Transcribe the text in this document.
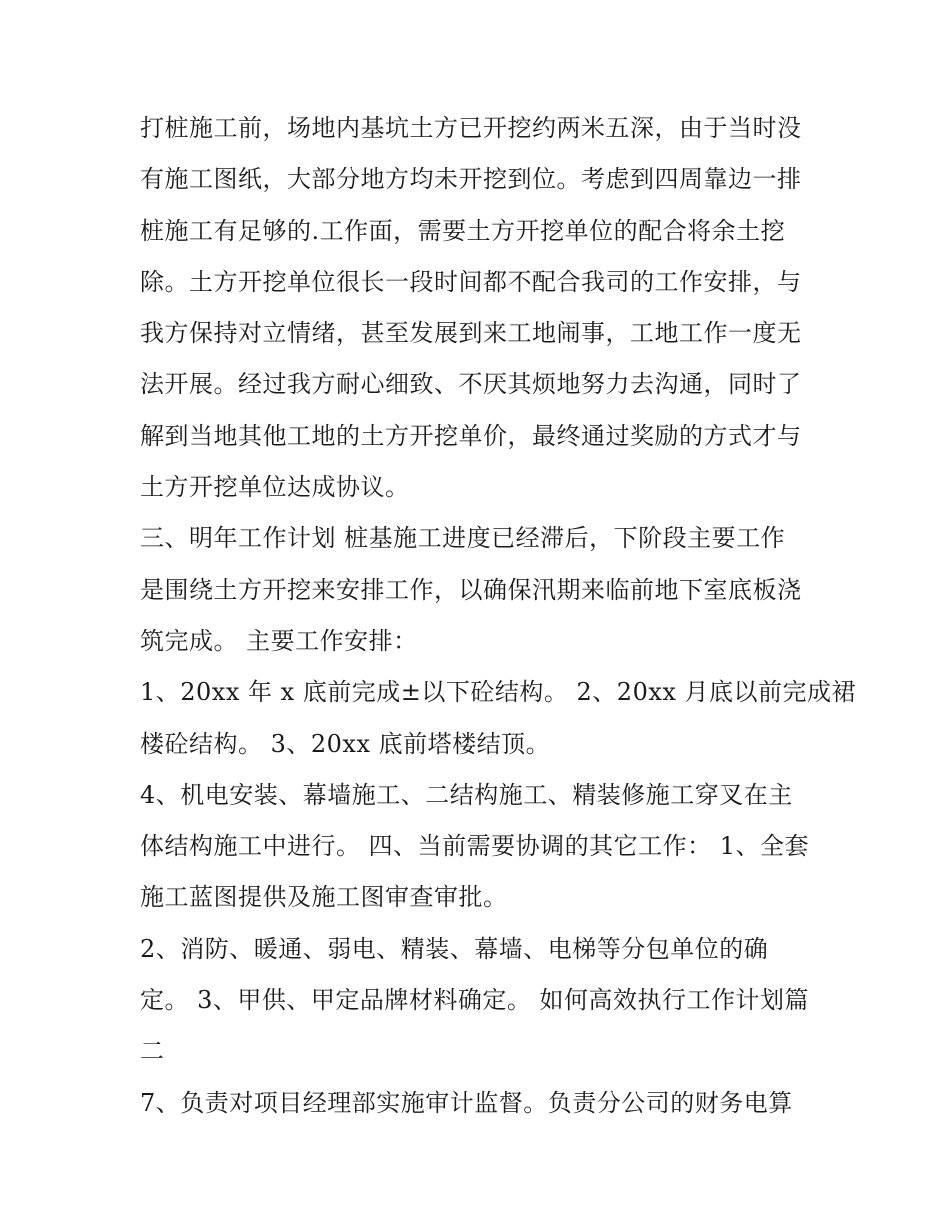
打桩施工前，场地内基坑土方已开挖约两米五深，由于当时没
有施工图纸，大部分地方均未开挖到位。考虑到四周靠边一排
桩施工有足够的.工作面，需要土方开挖单位的配合将余土挖
除。土方开挖单位很长一段时间都不配合我司的工作安排，与
我方保持对立情绪，甚至发展到来工地闹事，工地工作一度无
法开展。经过我方耐心细致、不厌其烦地努力去沟通，同时了
解到当地其他工地的土方开挖单价，最终通过奖励的方式才与
土方开挖单位达成协议。
三、明年工作计划 桩基施工进度已经滞后，下阶段主要工作
是围绕土方开挖来安排工作，以确保汛期来临前地下室底板浇
筑完成。 主要工作安排：
1、20xx 年 x 底前完成±以下砼结构。 2、20xx 月底以前完成裙
楼砼结构。 3、20xx 底前塔楼结顶。
4、机电安装、幕墙施工、二结构施工、精装修施工穿叉在主
体结构施工中进行。 四、当前需要协调的其它工作： 1、全套
施工蓝图提供及施工图审查审批。
2、消防、暖通、弱电、精装、幕墙、电梯等分包单位的确
定。 3、甲供、甲定品牌材料确定。 如何高效执行工作计划篇
二
7、负责对项目经理部实施审计监督。负责分公司的财务电算
